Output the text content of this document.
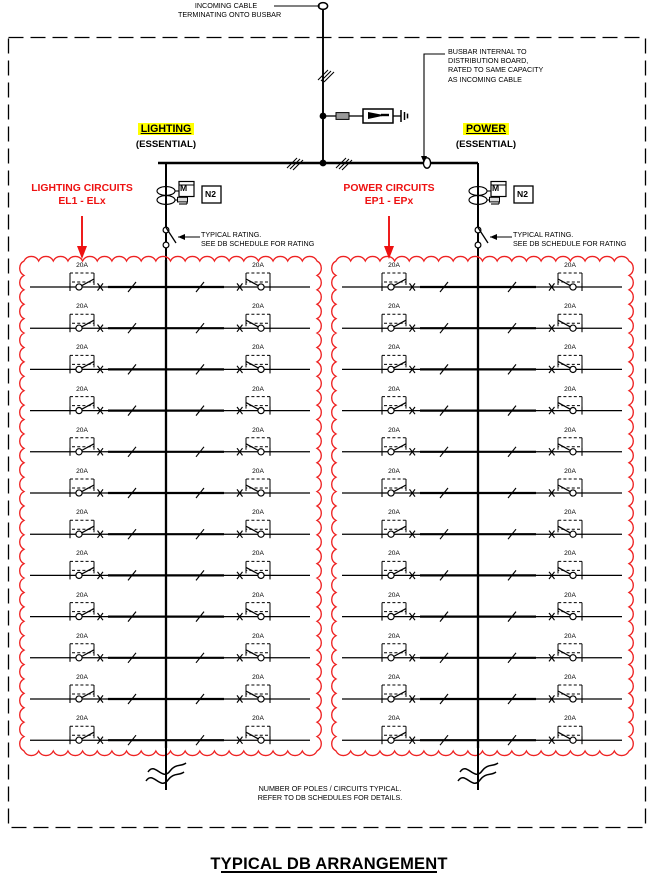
INCOMING CABLE
TERMINATING ONTO BUSBAR
BUSBAR INTERNAL TO
DISTRIBUTION BOARD,
RATED TO SAME CAPACITY
AS INCOMING CABLE
LIGHTING
(ESSENTIAL)
POWER
(ESSENTIAL)
LIGHTING CIRCUITS
EL1 - ELx
POWER CIRCUITS
EP1 - EPx
M
N2
M
N2
TYPICAL RATING.
SEE DB SCHEDULE FOR RATING
TYPICAL RATING.
SEE DB SCHEDULE FOR RATING
20A	20A
20A	20A
20A	20A
20A	20A
20A	20A
20A	20A
20A	20A
20A	20A
20A	20A
20A	20A
20A	20A
20A	20A
20A	20A
20A	20A
20A	20A
20A	20A
20A	20A
20A	20A
20A	20A
20A	20A
20A	20A
20A	20A
20A	20A
20A	20A
NUMBER OF POLES / CIRCUITS TYPICAL.
REFER TO DB SCHEDULES FOR DETAILS.
TYPICAL DB ARRANGEMENT
